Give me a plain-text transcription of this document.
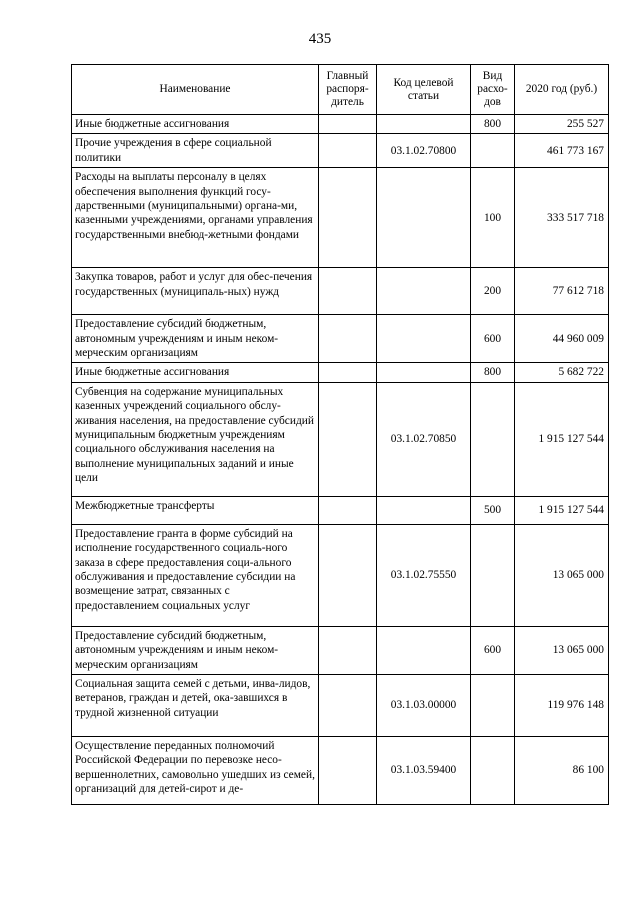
435
Наименование	Главный распоря-дитель	Код целевой статьи	Вид расхо-дов	2020 год (руб.)
Иные бюджетные ассигнования			800	255 527
Прочие учреждения в сфере социальной политики		03.1.02.70800		461 773 167
Расходы на выплаты персоналу в целях обеспечения выполнения функций госу-дарственными (муниципальными) органа-ми, казенными учреждениями, органами управления государственными внебюд-жетными фондами			100	333 517 718
Закупка товаров, работ и услуг для обес-печения государственных (муниципаль-ных) нужд			200	77 612 718
Предоставление субсидий бюджетным, автономным учреждениям и иным неком-мерческим организациям			600	44 960 009
Иные бюджетные ассигнования			800	5 682 722
Субвенция на содержание муниципальных казенных учреждений социального обслу-живания населения, на предоставление субсидий муниципальным бюджетным учреждениям социального обслуживания населения на выполнение муниципальных заданий и иные цели		03.1.02.70850		1 915 127 544
Межбюджетные трансферты			500	1 915 127 544
Предоставление гранта в форме субсидий на исполнение государственного социаль-ного заказа в сфере предоставления соци-ального обслуживания и предоставление субсидии на возмещение затрат, связанных с предоставлением социальных услуг		03.1.02.75550		13 065 000
Предоставление субсидий бюджетным, автономным учреждениям и иным неком-мерческим организациям			600	13 065 000
Социальная защита семей с детьми, инва-лидов, ветеранов, граждан и детей, ока-завшихся в трудной жизненной ситуации		03.1.03.00000		119 976 148
Осуществление переданных полномочий Российской Федерации по перевозке несо-вершеннолетних, самовольно ушедших из семей, организаций для детей-сирот и де-		03.1.03.59400		86 100
